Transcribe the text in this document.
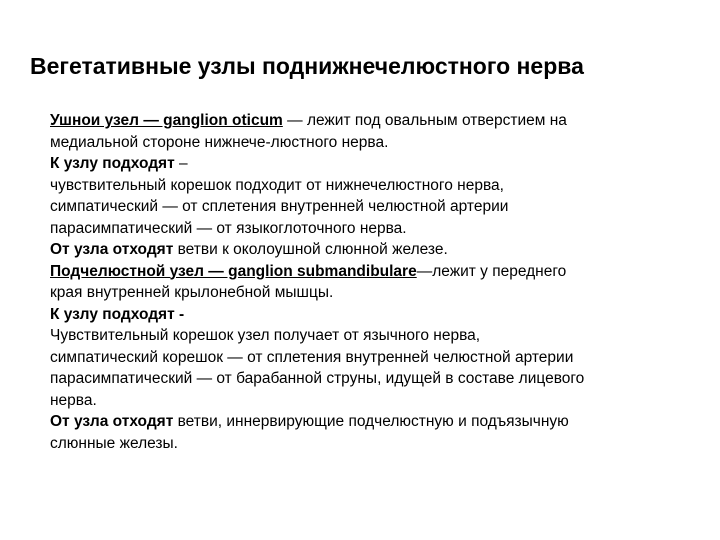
Вегетативные узлы поднижнечелюстного нерва
Ушнои узел — ganglion oticum — лежит под овальным отверстием на
медиальной стороне нижнече-люстного нерва.
К узлу подходят –
чувствительный корешок подходит от нижнечелюстного нерва,
симпатический — от сплетения внутренней челюстной артерии
парасимпатический — от языкоглоточного нерва.
От узла отходят ветви к околоушной слюнной железе.
Подчелюстной узел — ganglion submandibulare—лежит у переднего
края внутренней крылонебной мышцы.
К узлу подходят -
Чувствительный корешок узел получает от язычного нерва,
симпатический корешок — от сплетения внутренней челюстной артерии
парасимпатический — от барабанной струны, идущей в составе лицевого
нерва.
От узла отходят ветви, иннервирующие подчелюстную и подъязычную
слюнные железы.
